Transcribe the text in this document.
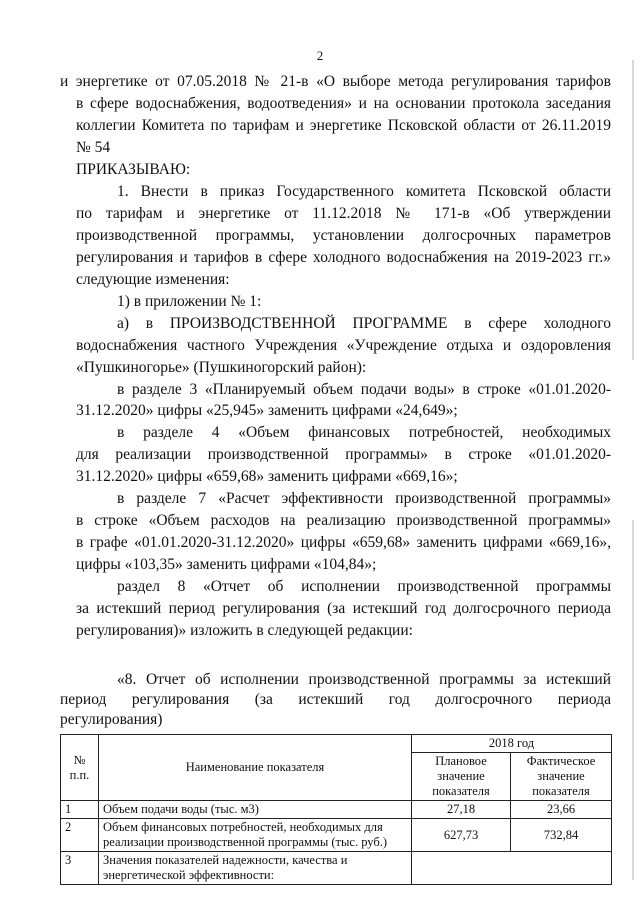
2
и энергетике от 07.05.2018 № 21-в «О выборе метода регулирования тарифов
в сфере водоснабжения, водоотведения» и на основании протокола заседания
коллегии Комитета по тарифам и энергетике Псковской области от 26.11.2019
№ 54
ПРИКАЗЫВАЮ:
1. Внести в приказ Государственного комитета Псковской области
по тарифам и энергетике от 11.12.2018 № 171-в «Об утверждении
производственной программы, установлении долгосрочных параметров
регулирования и тарифов в сфере холодного водоснабжения на 2019-2023 гг.»
следующие изменения:
1) в приложении № 1:
а) в ПРОИЗВОДСТВЕННОЙ ПРОГРАММЕ в сфере холодного
водоснабжения частного Учреждения «Учреждение отдыха и оздоровления
«Пушкиногорье» (Пушкиногорский район):
в разделе 3 «Планируемый объем подачи воды» в строке «01.01.2020-
31.12.2020» цифры «25,945» заменить цифрами «24,649»;
в разделе 4 «Объем финансовых потребностей, необходимых
для реализации производственной программы» в строке «01.01.2020-
31.12.2020» цифры «659,68» заменить цифрами «669,16»;
в разделе 7 «Расчет эффективности производственной программы»
в строке «Объем расходов на реализацию производственной программы»
в графе «01.01.2020-31.12.2020» цифры «659,68» заменить цифрами «669,16»,
цифры «103,35» заменить цифрами «104,84»;
раздел 8 «Отчет об исполнении производственной программы
за истекший период регулирования (за истекший год долгосрочного периода
регулирования)» изложить в следующей редакции:
№ п.п.	Наименование показателя	2018 год	
		Плановое значение показателя	Фактическое значение показателя
1	Объем подачи воды (тыс. м3)	27,18	23,66
2	Объем финансовых потребностей, необходимых для реализации производственной программы (тыс. руб.)	627,73	732,84
3	Значения показателей надежности, качества и энергетической эффективности:		
«8. Отчет об исполнении производственной программы за истекший
период регулирования (за истекший год долгосрочного периода
регулирования)
